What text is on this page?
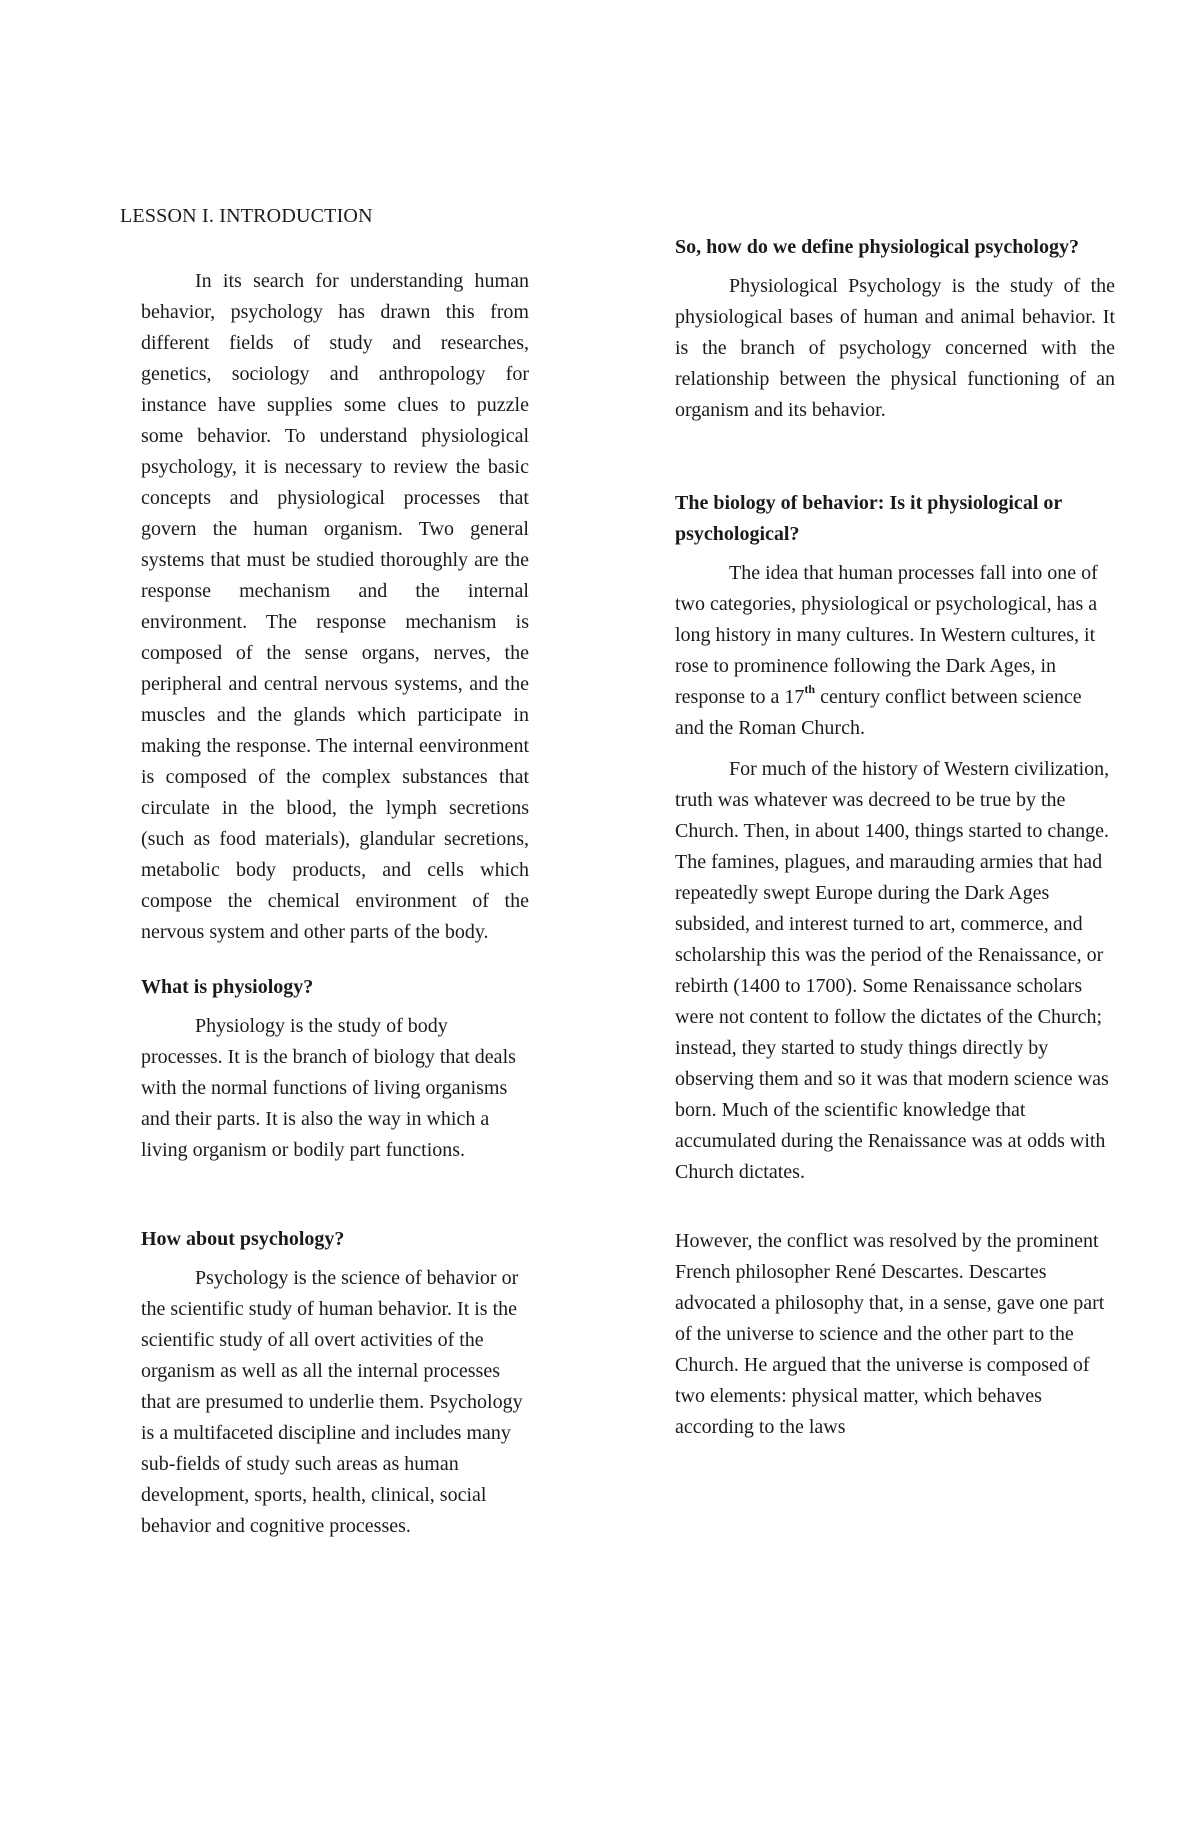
LESSON I. INTRODUCTION

In its search for understanding human behavior, psychology has drawn this from different fields of study and researches, genetics, sociology and anthropology for instance have supplies some clues to puzzle some behavior. To understand physiological psychology, it is necessary to review the basic concepts and physiological processes that govern the human organism. Two general systems that must be studied thoroughly are the response mechanism and the internal environment. The response mechanism is composed of the sense organs, nerves, the peripheral and central nervous systems, and the muscles and the glands which participate in making the response. The internal eenvironment is composed of the complex substances that circulate in the blood, the lymph secretions (such as food materials), glandular secretions, metabolic body products, and cells which compose the chemical environment of the nervous system and other parts of the body.

What is physiology?

Physiology is the study of body processes. It is the branch of biology that deals with the normal functions of living organisms and their parts. It is also the way in which a living organism or bodily part functions.

How about psychology?

Psychology is the science of behavior or the scientific study of human behavior. It is the scientific study of all overt activities of the organism as well as all the internal processes that are presumed to underlie them. Psychology is a multifaceted discipline and includes many sub-fields of study such areas as human development, sports, health, clinical, social behavior and cognitive processes.

So, how do we define physiological psychology?

Physiological Psychology is the study of the physiological bases of human and animal behavior. It is the branch of psychology concerned with the relationship between the physical functioning of an organism and its behavior.

The biology of behavior: Is it physiological or psychological?

The idea that human processes fall into one of two categories, physiological or psychological, has a long history in many cultures. In Western cultures, it rose to prominence following the Dark Ages, in response to a 17th century conflict between science and the Roman Church.

For much of the history of Western civilization, truth was whatever was decreed to be true by the Church. Then, in about 1400, things started to change. The famines, plagues, and marauding armies that had repeatedly swept Europe during the Dark Ages subsided, and interest turned to art, commerce, and scholarship this was the period of the Renaissance, or rebirth (1400 to 1700). Some Renaissance scholars were not content to follow the dictates of the Church; instead, they started to study things directly by observing them and so it was that modern science was born. Much of the scientific knowledge that accumulated during the Renaissance was at odds with Church dictates.

However, the conflict was resolved by the prominent French philosopher René Descartes. Descartes advocated a philosophy that, in a sense, gave one part of the universe to science and the other part to the Church. He argued that the universe is composed of two elements: physical matter, which behaves according to the laws
